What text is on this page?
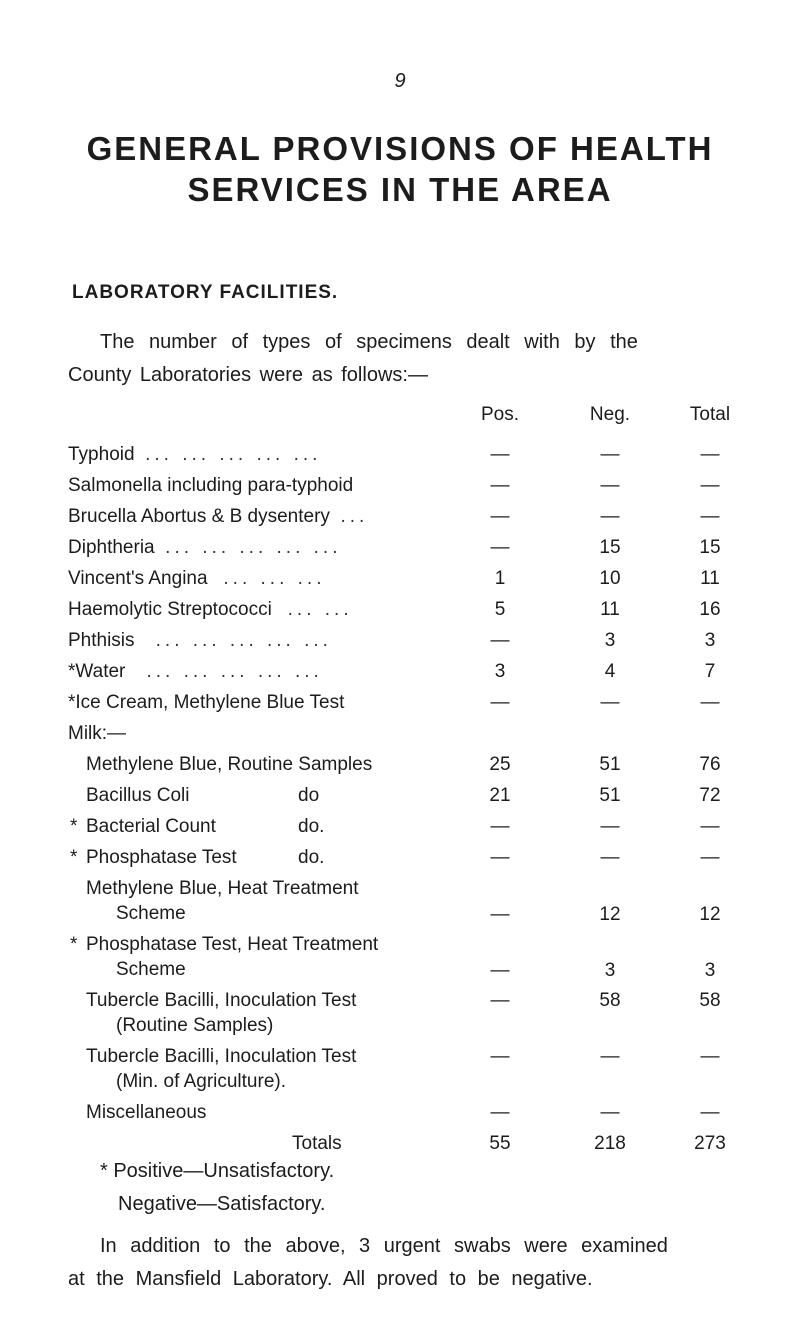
9
GENERAL PROVISIONS OF HEALTH
SERVICES IN THE AREA
LABORATORY FACILITIES.
The number of types of specimens dealt with by the
County Laboratories were as follows:—
Pos.	Neg.	Total
Typhoid ... ... ... ... ...	—	—	—
Salmonella including para-typhoid	—	—	—
Brucella Abortus & B dysentery ...	—	—	—
Diphtheria ... ... ... ... ...	—	15	15
Vincent's Angina ... ... ...	1	10	11
Haemolytic Streptococci ... ...	5	11	16
Phthisis ... ... ... ... ...	—	3	3
*Water ... ... ... ... ...	3	4	7
*Ice Cream, Methylene Blue Test	—	—	—
Milk:—
Methylene Blue, Routine Samples	25	51	76
Bacillus Coli	do	21	51	72
* Bacterial Count	do.	—	—	—
* Phosphatase Test	do.	—	—	—
Methylene Blue, Heat Treatment
Scheme	—	12	12
* Phosphatase Test, Heat Treatment
Scheme	—	3	3
Tubercle Bacilli, Inoculation Test
(Routine Samples)
—	58	58
Tubercle Bacilli, Inoculation Test
(Min. of Agriculture).
—	—	—
Miscellaneous	—	—	—
Totals	55	218	273
* Positive—Unsatisfactory.
Negative—Satisfactory.
In addition to the above, 3 urgent swabs were examined
at the Mansfield Laboratory. All proved to be negative.
